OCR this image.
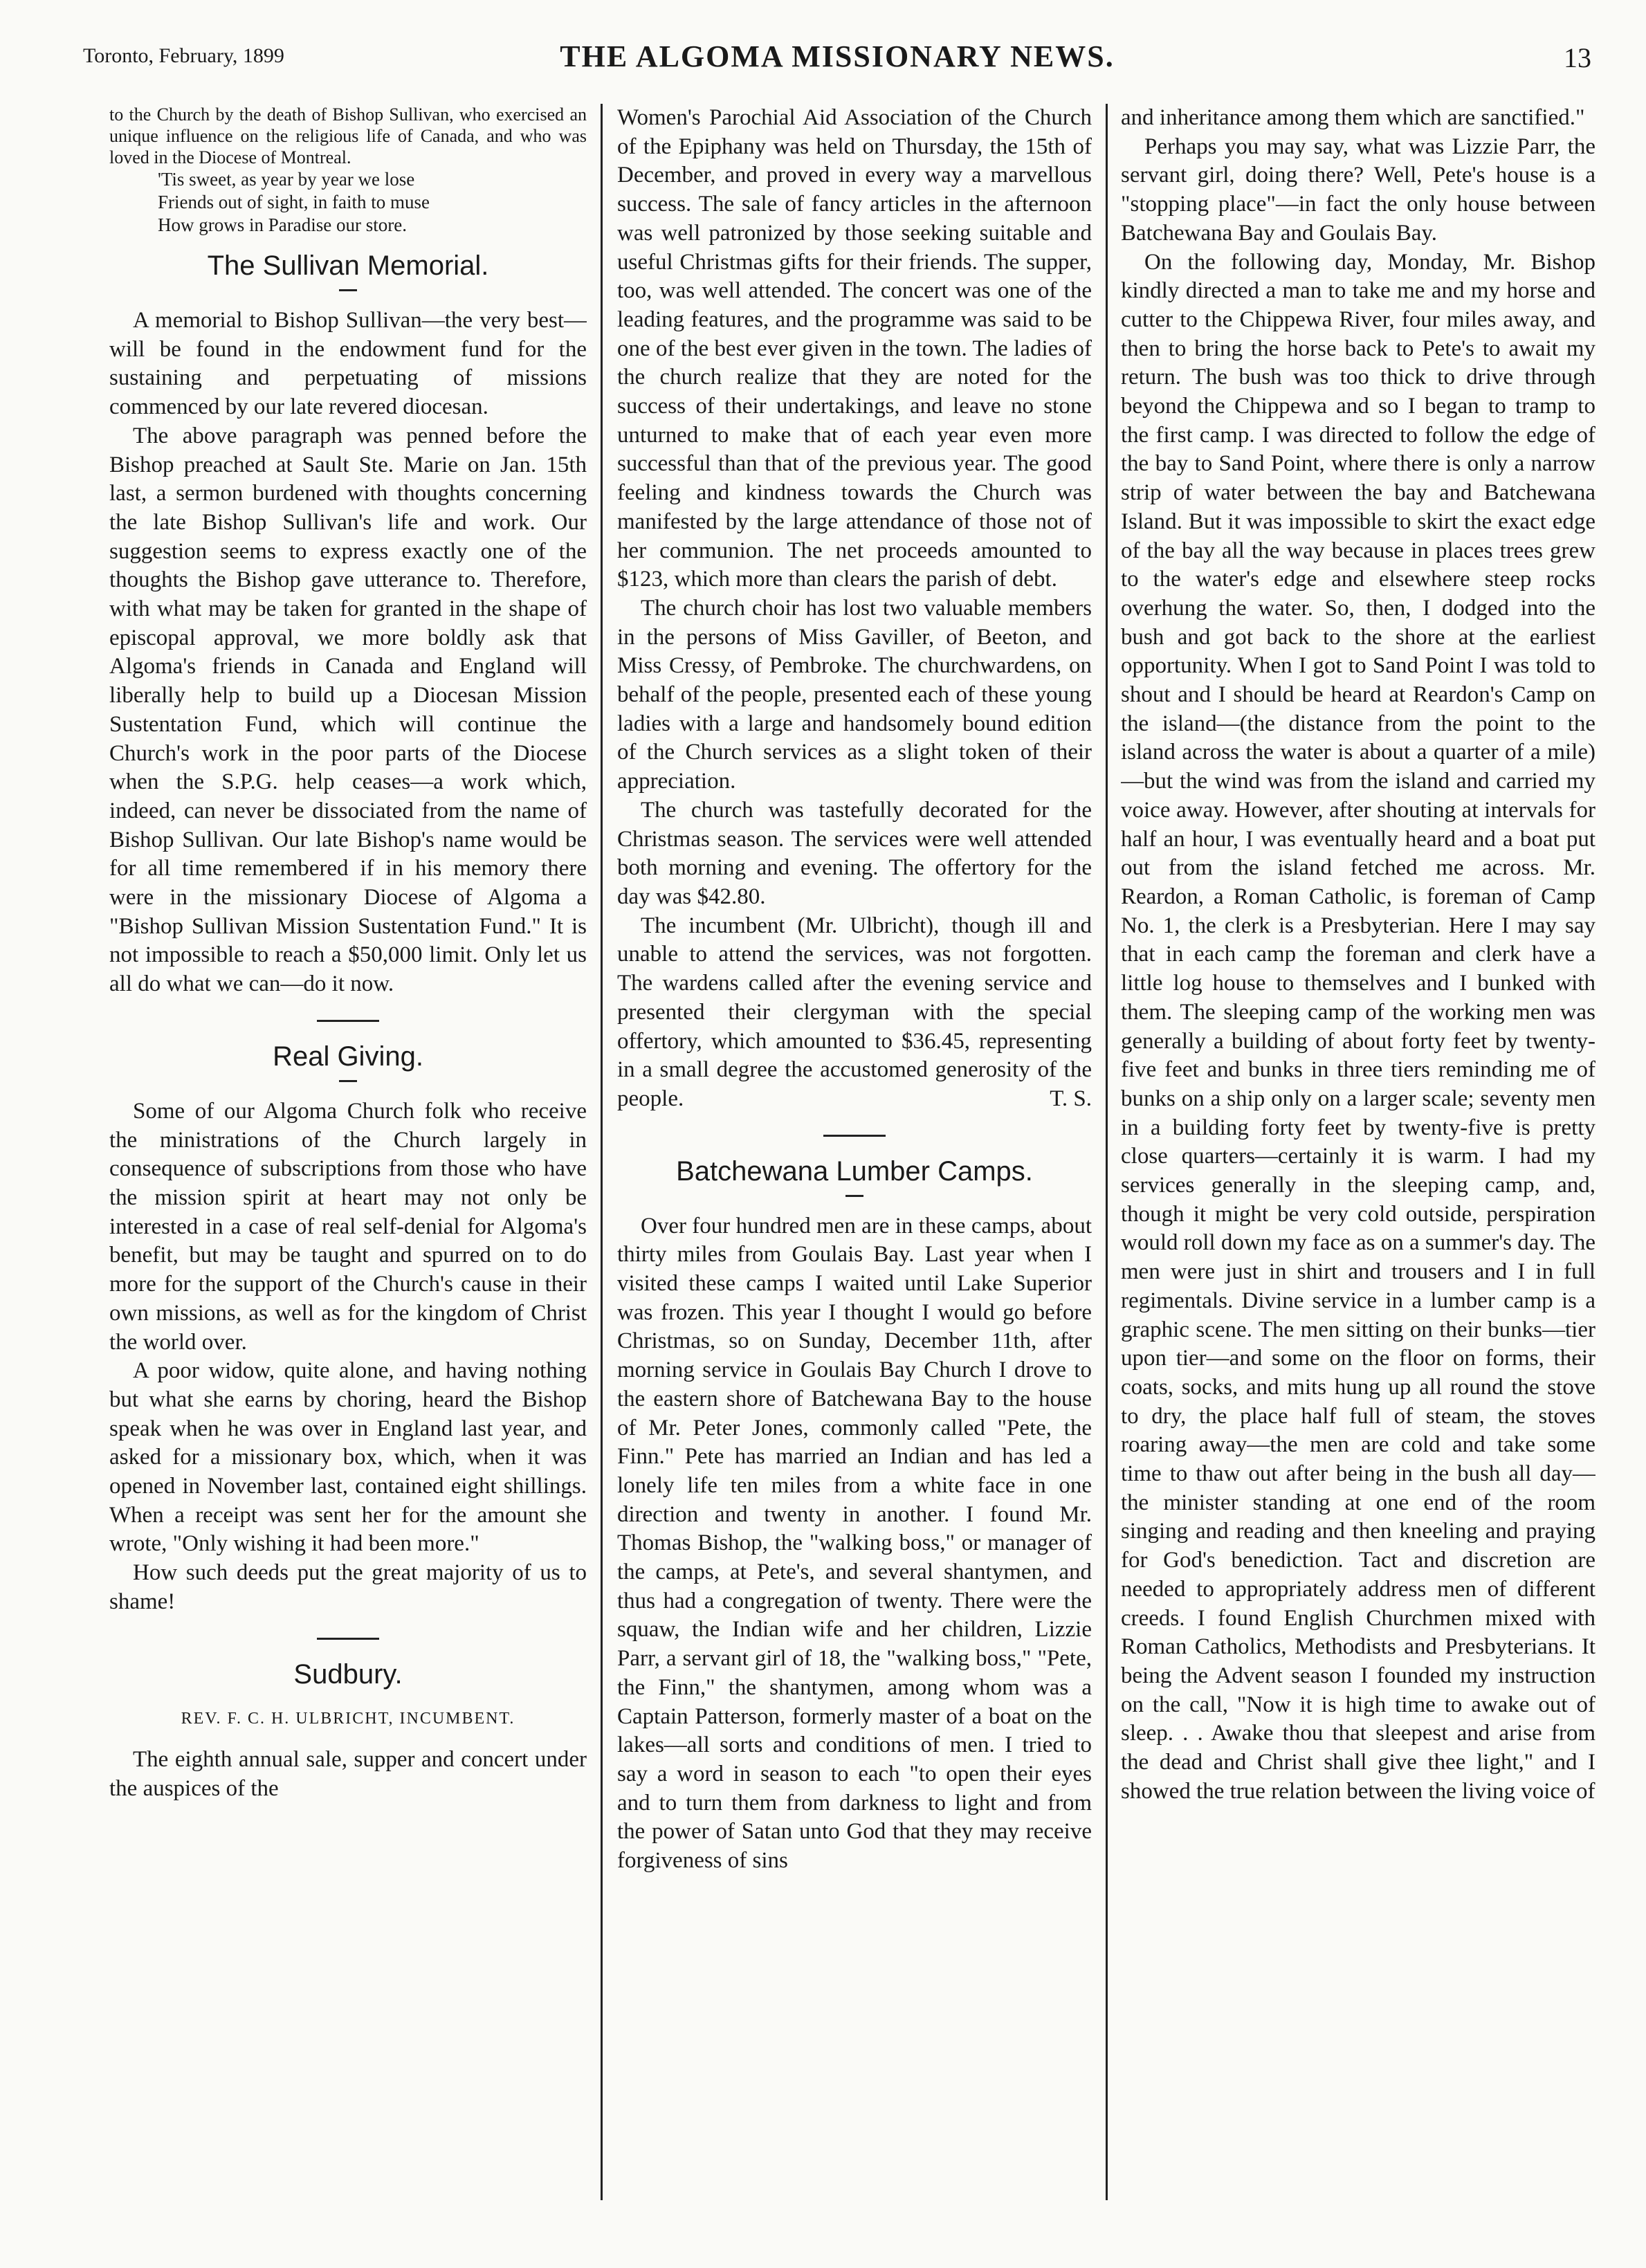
Toronto, February, 1899	THE ALGOMA MISSIONARY NEWS.	13

to the Church by the death of Bishop Sullivan, who exercised an unique influence on the religious life of Canada, and who was loved in the Diocese of Montreal.

'Tis sweet, as year by year we lose
Friends out of sight, in faith to muse
How grows in Paradise our store.
The Sullivan Memorial.

A memorial to Bishop Sullivan—the very best—will be found in the endowment fund for the sustaining and perpetuating of missions commenced by our late revered diocesan.

The above paragraph was penned before the Bishop preached at Sault Ste. Marie on Jan. 15th last, a sermon burdened with thoughts concerning the late Bishop Sullivan's life and work. Our suggestion seems to express exactly one of the thoughts the Bishop gave utterance to. Therefore, with what may be taken for granted in the shape of episcopal approval, we more boldly ask that Algoma's friends in Canada and England will liberally help to build up a Diocesan Mission Sustentation Fund, which will continue the Church's work in the poor parts of the Diocese when the S.P.G. help ceases—a work which, indeed, can never be dissociated from the name of Bishop Sullivan. Our late Bishop's name would be for all time remembered if in his memory there were in the missionary Diocese of Algoma a "Bishop Sullivan Mission Sustentation Fund." It is not impossible to reach a $50,000 limit. Only let us all do what we can—do it now.

Real Giving.

Some of our Algoma Church folk who receive the ministrations of the Church largely in consequence of subscriptions from those who have the mission spirit at heart may not only be interested in a case of real self-denial for Algoma's benefit, but may be taught and spurred on to do more for the support of the Church's cause in their own missions, as well as for the kingdom of Christ the world over.

A poor widow, quite alone, and having nothing but what she earns by choring, heard the Bishop speak when he was over in England last year, and asked for a missionary box, which, when it was opened in November last, contained eight shillings. When a receipt was sent her for the amount she wrote, "Only wishing it had been more."

How such deeds put the great majority of us to shame!

Sudbury.
REV. F. C. H. ULBRICHT, INCUMBENT.

The eighth annual sale, supper and concert under the auspices of the

Women's Parochial Aid Association of the Church of the Epiphany was held on Thursday, the 15th of December, and proved in every way a marvellous success. The sale of fancy articles in the afternoon was well patronized by those seeking suitable and useful Christmas gifts for their friends. The supper, too, was well attended. The concert was one of the leading features, and the programme was said to be one of the best ever given in the town. The ladies of the church realize that they are noted for the success of their undertakings, and leave no stone unturned to make that of each year even more successful than that of the previous year. The good feeling and kindness towards the Church was manifested by the large attendance of those not of her communion. The net proceeds amounted to $123, which more than clears the parish of debt.

The church choir has lost two valuable members in the persons of Miss Gaviller, of Beeton, and Miss Cressy, of Pembroke. The churchwardens, on behalf of the people, presented each of these young ladies with a large and handsomely bound edition of the Church services as a slight token of their appreciation.

The church was tastefully decorated for the Christmas season. The services were well attended both morning and evening. The offertory for the day was $42.80.

The incumbent (Mr. Ulbricht), though ill and unable to attend the services, was not forgotten. The wardens called after the evening service and presented their clergyman with the special offertory, which amounted to $36.45, representing in a small degree the accustomed generosity of the people.	T. S.

Batchewana Lumber Camps.

Over four hundred men are in these camps, about thirty miles from Goulais Bay. Last year when I visited these camps I waited until Lake Superior was frozen. This year I thought I would go before Christmas, so on Sunday, December 11th, after morning service in Goulais Bay Church I drove to the eastern shore of Batchewana Bay to the house of Mr. Peter Jones, commonly called "Pete, the Finn." Pete has married an Indian and has led a lonely life ten miles from a white face in one direction and twenty in another. I found Mr. Thomas Bishop, the "walking boss," or manager of the camps, at Pete's, and several shantymen, and thus had a congregation of twenty. There were the squaw, the Indian wife and her children, Lizzie Parr, a servant girl of 18, the "walking boss," "Pete, the Finn," the shantymen, among whom was a Captain Patterson, formerly master of a boat on the lakes—all sorts and conditions of men. I tried to say a word in season to each "to open their eyes and to turn them from darkness to light and from the power of Satan unto God that they may receive forgiveness of sins

and inheritance among them which are sanctified."

Perhaps you may say, what was Lizzie Parr, the servant girl, doing there? Well, Pete's house is a "stopping place"—in fact the only house between Batchewana Bay and Goulais Bay.

On the following day, Monday, Mr. Bishop kindly directed a man to take me and my horse and cutter to the Chippewa River, four miles away, and then to bring the horse back to Pete's to await my return. The bush was too thick to drive through beyond the Chippewa and so I began to tramp to the first camp. I was directed to follow the edge of the bay to Sand Point, where there is only a narrow strip of water between the bay and Batchewana Island. But it was impossible to skirt the exact edge of the bay all the way because in places trees grew to the water's edge and elsewhere steep rocks overhung the water. So, then, I dodged into the bush and got back to the shore at the earliest opportunity. When I got to Sand Point I was told to shout and I should be heard at Reardon's Camp on the island—(the distance from the point to the island across the water is about a quarter of a mile)—but the wind was from the island and carried my voice away. However, after shouting at intervals for half an hour, I was eventually heard and a boat put out from the island fetched me across. Mr. Reardon, a Roman Catholic, is foreman of Camp No. 1, the clerk is a Presbyterian. Here I may say that in each camp the foreman and clerk have a little log house to themselves and I bunked with them. The sleeping camp of the working men was generally a building of about forty feet by twenty-five feet and bunks in three tiers reminding me of bunks on a ship only on a larger scale; seventy men in a building forty feet by twenty-five is pretty close quarters—certainly it is warm. I had my services generally in the sleeping camp, and, though it might be very cold outside, perspiration would roll down my face as on a summer's day. The men were just in shirt and trousers and I in full regimentals. Divine service in a lumber camp is a graphic scene. The men sitting on their bunks—tier upon tier—and some on the floor on forms, their coats, socks, and mits hung up all round the stove to dry, the place half full of steam, the stoves roaring away—the men are cold and take some time to thaw out after being in the bush all day—the minister standing at one end of the room singing and reading and then kneeling and praying for God's benediction. Tact and discretion are needed to appropriately address men of different creeds. I found English Churchmen mixed with Roman Catholics, Methodists and Presbyterians. It being the Advent season I founded my instruction on the call, "Now it is high time to awake out of sleep. . . Awake thou that sleepest and arise from the dead and Christ shall give thee light," and I showed the true relation between the living voice of
